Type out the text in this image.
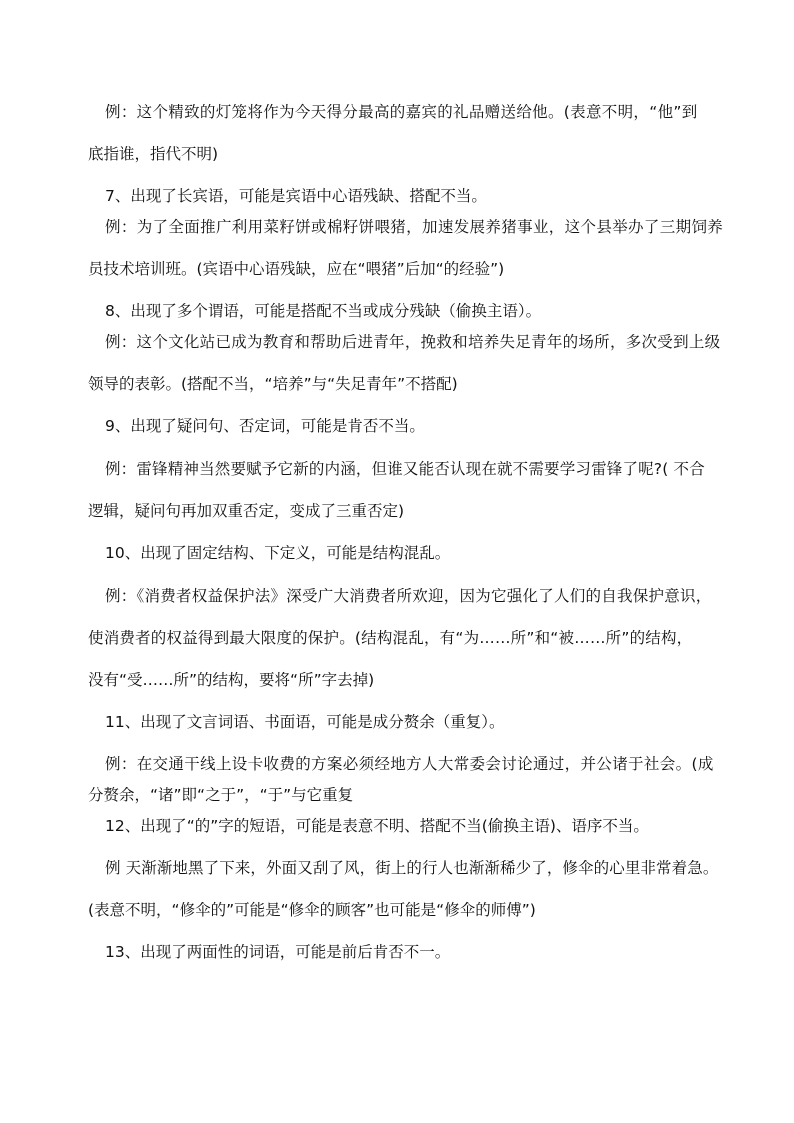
例：这个精致的灯笼将作为今天得分最高的嘉宾的礼品赠送给他。(表意不明，“他”到

底指谁，指代不明)

7、出现了长宾语，可能是宾语中心语残缺、搭配不当。

例：为了全面推广利用菜籽饼或棉籽饼喂猪，加速发展养猪事业，这个县举办了三期饲养

员技术培训班。(宾语中心语残缺，应在“喂猪”后加“的经验”)

8、出现了多个谓语，可能是搭配不当或成分残缺（偷换主语）。

例：这个文化站已成为教育和帮助后进青年，挽救和培养失足青年的场所，多次受到上级

领导的表彰。(搭配不当，“培养”与“失足青年”不搭配)

9、出现了疑问句、否定词，可能是肯否不当。

例：雷锋精神当然要赋予它新的内涵，但谁又能否认现在就不需要学习雷锋了呢?( 不合

逻辑，疑问句再加双重否定，变成了三重否定)

10、出现了固定结构、下定义，可能是结构混乱。

例：《消费者权益保护法》深受广大消费者所欢迎，因为它强化了人们的自我保护意识，

使消费者的权益得到最大限度的保护。(结构混乱，有“为……所”和“被……所”的结构，

没有“受……所”的结构，要将“所”字去掉)

11、出现了文言词语、书面语，可能是成分赘余（重复）。

例：在交通干线上设卡收费的方案必须经地方人大常委会讨论通过，并公诸于社会。(成

分赘余，“诸”即“之于”，“于”与它重复

12、出现了“的”字的短语，可能是表意不明、搭配不当(偷换主语)、语序不当。

例 天渐渐地黑了下来，外面又刮了风，街上的行人也渐渐稀少了，修伞的心里非常着急。

(表意不明，“修伞的”可能是“修伞的顾客”也可能是“修伞的师傅”)

13、出现了两面性的词语，可能是前后肯否不一。
